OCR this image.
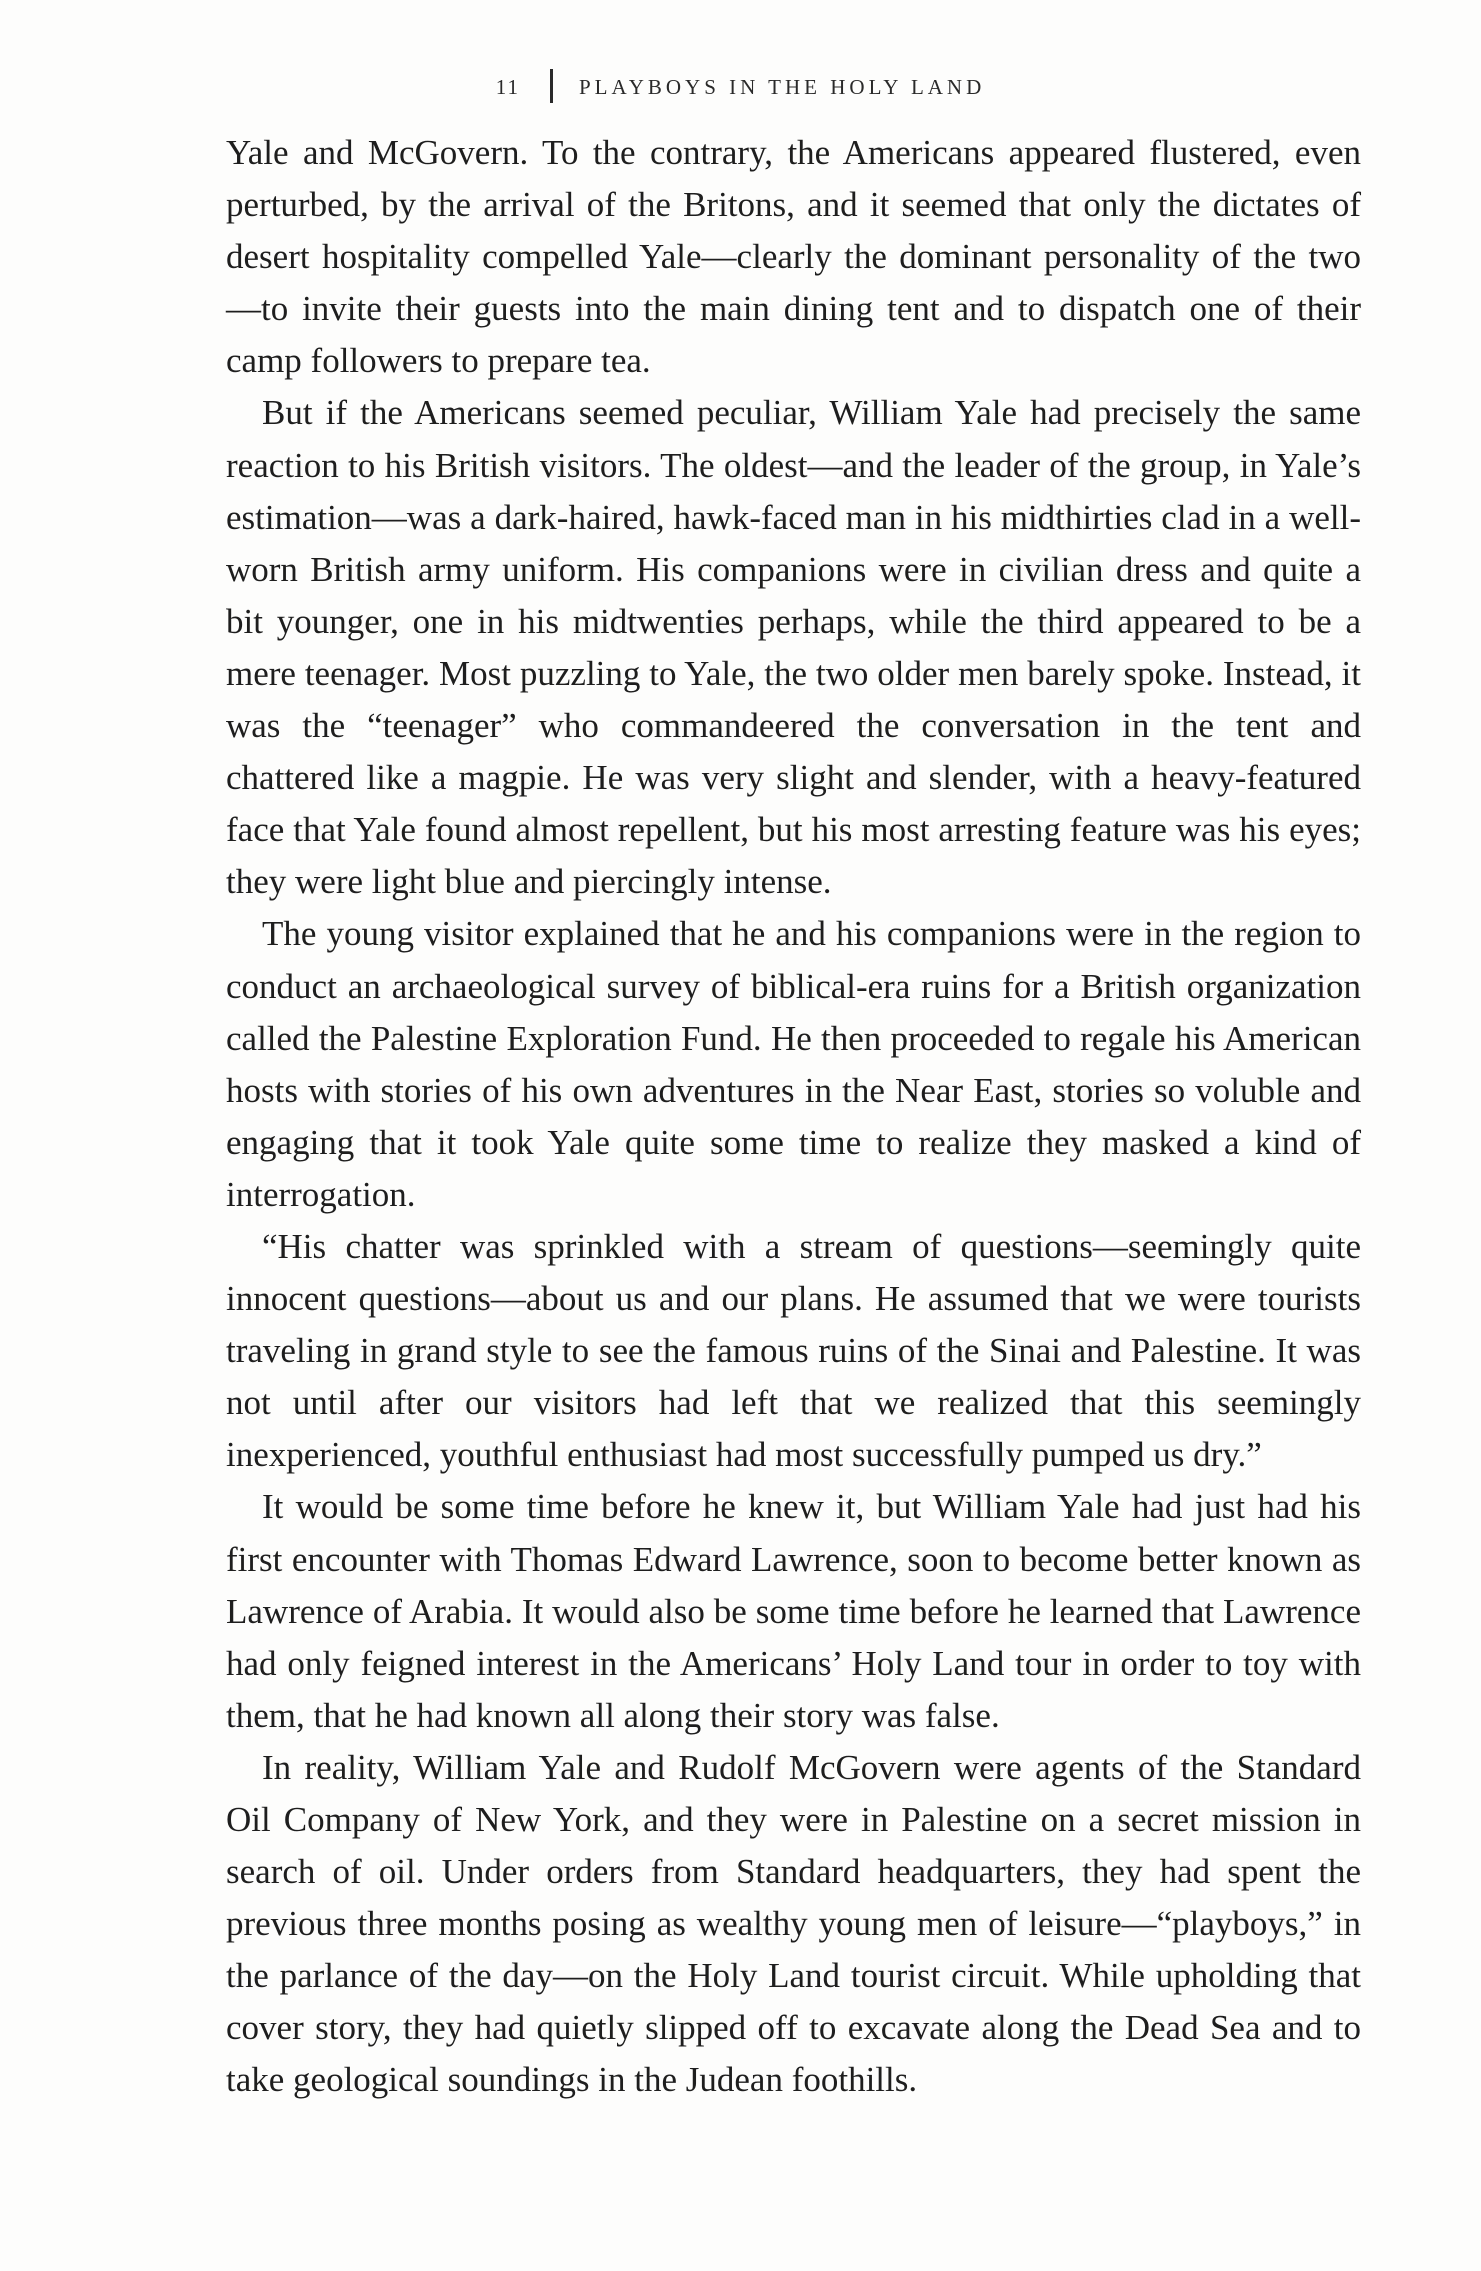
11	PLAYBOYS IN THE HOLY LAND

Yale and McGovern. To the contrary, the Americans appeared flustered, even perturbed, by the arrival of the Britons, and it seemed that only the dictates of desert hospitality compelled Yale—clearly the dominant personality of the two—to invite their guests into the main dining tent and to dispatch one of their camp followers to prepare tea.

But if the Americans seemed peculiar, William Yale had precisely the same reaction to his British visitors. The oldest—and the leader of the group, in Yale’s estimation—was a dark-haired, hawk-faced man in his midthirties clad in a well-worn British army uniform. His companions were in civilian dress and quite a bit younger, one in his midtwenties perhaps, while the third appeared to be a mere teenager. Most puzzling to Yale, the two older men barely spoke. Instead, it was the “teenager” who commandeered the conversation in the tent and chattered like a magpie. He was very slight and slender, with a heavy-featured face that Yale found almost repellent, but his most arresting feature was his eyes; they were light blue and piercingly intense.

The young visitor explained that he and his companions were in the region to conduct an archaeological survey of biblical-era ruins for a British organization called the Palestine Exploration Fund. He then proceeded to regale his American hosts with stories of his own adventures in the Near East, stories so voluble and engaging that it took Yale quite some time to realize they masked a kind of interrogation.

“His chatter was sprinkled with a stream of questions—seemingly quite innocent questions—about us and our plans. He assumed that we were tourists traveling in grand style to see the famous ruins of the Sinai and Palestine. It was not until after our visitors had left that we realized that this seemingly inexperienced, youthful enthusiast had most successfully pumped us dry.”

It would be some time before he knew it, but William Yale had just had his first encounter with Thomas Edward Lawrence, soon to become better known as Lawrence of Arabia. It would also be some time before he learned that Lawrence had only feigned interest in the Americans’ Holy Land tour in order to toy with them, that he had known all along their story was false.

In reality, William Yale and Rudolf McGovern were agents of the Standard Oil Company of New York, and they were in Palestine on a secret mission in search of oil. Under orders from Standard headquarters, they had spent the previous three months posing as wealthy young men of leisure—“playboys,” in the parlance of the day—on the Holy Land tourist circuit. While upholding that cover story, they had quietly slipped off to excavate along the Dead Sea and to take geological soundings in the Judean foothills.
